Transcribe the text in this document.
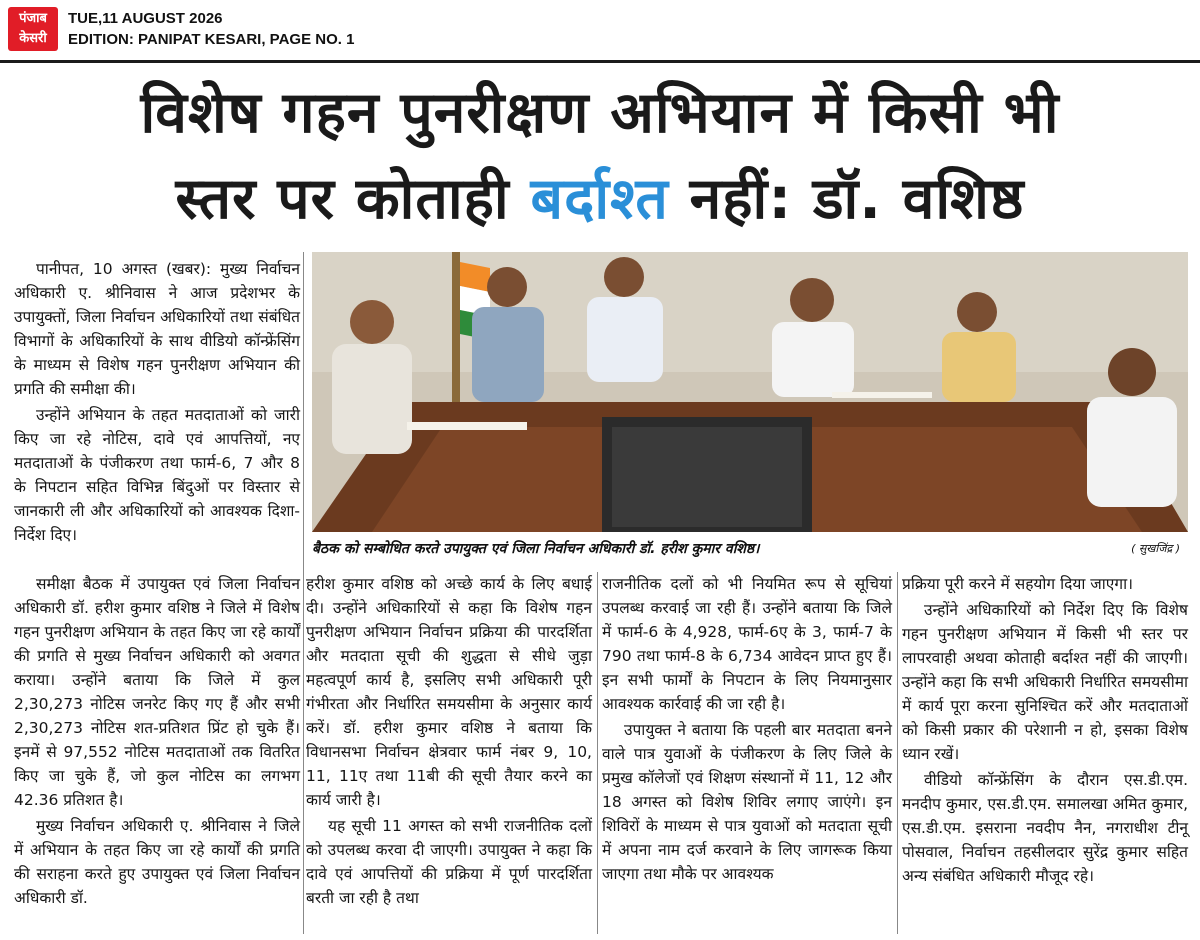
पंजाब
केसरी
TUE,11 AUGUST 2026
EDITION: PANIPAT KESARI, PAGE NO. 1
विशेष गहन पुनरीक्षण अभियान में किसी भी
स्तर पर कोताही बर्दाश्त नहीं: डॉ. वशिष्ठ

पानीपत, 10 अगस्त (खबर): मुख्य निर्वाचन अधिकारी ए. श्रीनिवास ने आज प्रदेशभर के उपायुक्तों, जिला निर्वाचन अधिकारियों तथा संबंधित विभागों के अधिकारियों के साथ वीडियो कॉन्फ्रेंसिंग के माध्यम से विशेष गहन पुनरीक्षण अभियान की प्रगति की समीक्षा की।

उन्होंने अभियान के तहत मतदाताओं को जारी किए जा रहे नोटिस, दावे एवं आपत्तियों, नए मतदाताओं के पंजीकरण तथा फार्म-6, 7 और 8 के निपटान सहित विभिन्न बिंदुओं पर विस्तार से जानकारी ली और अधिकारियों को आवश्यक दिशा-निर्देश दिए।

बैठक को सम्बोधित करते उपायुक्त एवं जिला निर्वाचन अधिकारी डॉ. हरीश कुमार वशिष्ठ।	( सुखजिंद्र )

समीक्षा बैठक में उपायुक्त एवं जिला निर्वाचन अधिकारी डॉ. हरीश कुमार वशिष्ठ ने जिले में विशेष गहन पुनरीक्षण अभियान के तहत किए जा रहे कार्यों की प्रगति से मुख्य निर्वाचन अधिकारी को अवगत कराया। उन्होंने बताया कि जिले में कुल 2,30,273 नोटिस जनरेट किए गए हैं और सभी 2,30,273 नोटिस शत-प्रतिशत प्रिंट हो चुके हैं। इनमें से 97,552 नोटिस मतदाताओं तक वितरित किए जा चुके हैं, जो कुल नोटिस का लगभग 42.36 प्रतिशत है।

मुख्य निर्वाचन अधिकारी ए. श्रीनिवास ने जिले में अभियान के तहत किए जा रहे कार्यों की प्रगति की सराहना करते हुए उपायुक्त एवं जिला निर्वाचन अधिकारी डॉ.

हरीश कुमार वशिष्ठ को अच्छे कार्य के लिए बधाई दी। उन्होंने अधिकारियों से कहा कि विशेष गहन पुनरीक्षण अभियान निर्वाचन प्रक्रिया की पारदर्शिता और मतदाता सूची की शुद्धता से सीधे जुड़ा महत्वपूर्ण कार्य है, इसलिए सभी अधिकारी पूरी गंभीरता और निर्धारित समयसीमा के अनुसार कार्य करें। डॉ. हरीश कुमार वशिष्ठ ने बताया कि विधानसभा निर्वाचन क्षेत्रवार फार्म नंबर 9, 10, 11, 11ए तथा 11बी की सूची तैयार करने का कार्य जारी है।

यह सूची 11 अगस्त को सभी राजनीतिक दलों को उपलब्ध करवा दी जाएगी। उपायुक्त ने कहा कि दावे एवं आपत्तियों की प्रक्रिया में पूर्ण पारदर्शिता बरती जा रही है तथा

राजनीतिक दलों को भी नियमित रूप से सूचियां उपलब्ध करवाई जा रही हैं। उन्होंने बताया कि जिले में फार्म-6 के 4,928, फार्म-6ए के 3, फार्म-7 के 790 तथा फार्म-8 के 6,734 आवेदन प्राप्त हुए हैं। इन सभी फार्मों के निपटान के लिए नियमानुसार आवश्यक कार्रवाई की जा रही है।

उपायुक्त ने बताया कि पहली बार मतदाता बनने वाले पात्र युवाओं के पंजीकरण के लिए जिले के प्रमुख कॉलेजों एवं शिक्षण संस्थानों में 11, 12 और 18 अगस्त को विशेष शिविर लगाए जाएंगे। इन शिविरों के माध्यम से पात्र युवाओं को मतदाता सूची में अपना नाम दर्ज करवाने के लिए जागरूक किया जाएगा तथा मौके पर आवश्यक

प्रक्रिया पूरी करने में सहयोग दिया जाएगा।

उन्होंने अधिकारियों को निर्देश दिए कि विशेष गहन पुनरीक्षण अभियान में किसी भी स्तर पर लापरवाही अथवा कोताही बर्दाश्त नहीं की जाएगी। उन्होंने कहा कि सभी अधिकारी निर्धारित समयसीमा में कार्य पूरा करना सुनिश्चित करें और मतदाताओं को किसी प्रकार की परेशानी न हो, इसका विशेष ध्यान रखें।

वीडियो कॉन्फ्रेंसिंग के दौरान एस.डी.एम. मनदीप कुमार, एस.डी.एम. समालखा अमित कुमार, एस.डी.एम. इसराना नवदीप नैन, नगराधीश टीनू पोसवाल, निर्वाचन तहसीलदार सुरेंद्र कुमार सहित अन्य संबंधित अधिकारी मौजूद रहे।
